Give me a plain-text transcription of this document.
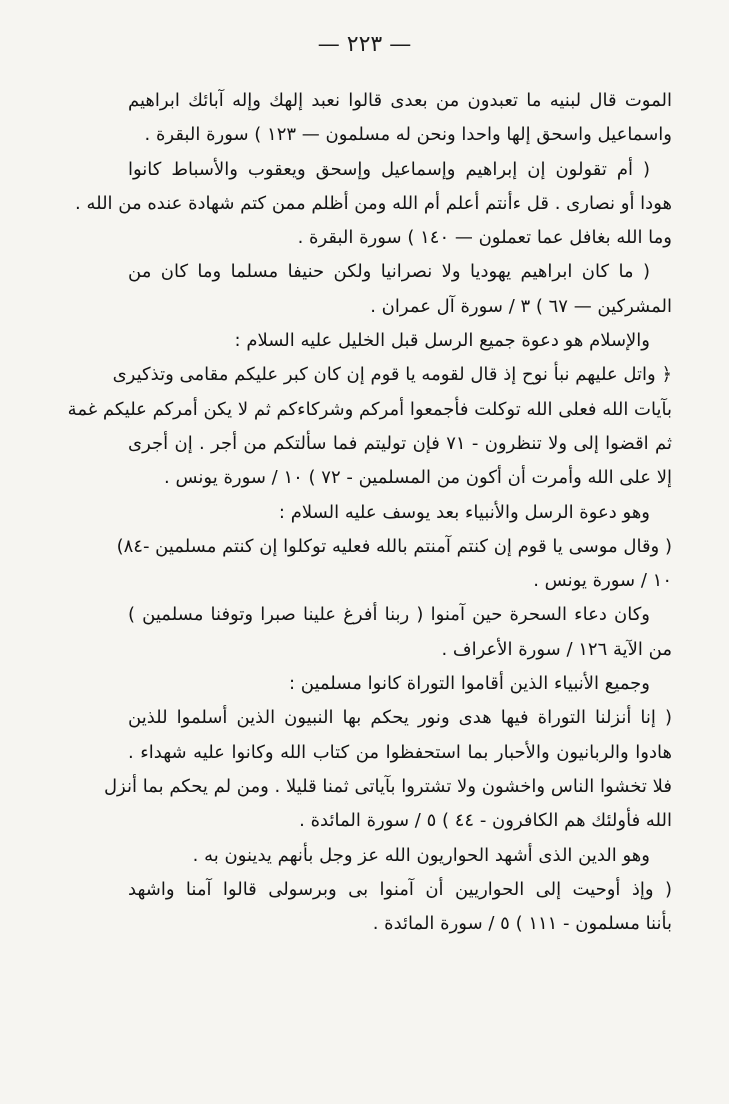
— ٢٢٣ —
الموت قال لبنيه ما تعبدون من بعدى قالوا نعبد إلهك وإله آبائك ابراهيم
واسماعيل واسحق إلها واحدا ونحن له مسلمون — ١٢٣ ) سورة البقرة .
( أم تقولون إن إبراهيم وإسماعيل وإسحق ويعقوب والأسباط كانوا
هودا أو نصارى . قل ءأنتم أعلم أم الله ومن أظلم ممن كتم شهادة عنده من الله .
وما الله بغافل عما تعملون — ١٤٠ ) سورة البقرة .
( ما كان ابراهيم يهوديا ولا نصرانيا ولكن حنيفا مسلما وما كان من
المشركين — ٦٧ ) ٣ / سورة آل عمران .
والإسلام هو دعوة جميع الرسل قبل الخليل عليه السلام :
﴿ واتل عليهم نبأ نوح إذ قال لقومه يا قوم إن كان كبر عليكم مقامى وتذكيرى
بآيات الله فعلى الله توكلت فأجمعوا أمركم وشركاءكم ثم لا يكن أمركم عليكم غمة
ثم اقضوا إلى ولا تنظرون - ٧١ فإن توليتم فما سألتكم من أجر . إن أجرى
إلا على الله وأمرت أن أكون من المسلمين - ٧٢ ) ١٠ / سورة يونس .
وهو دعوة الرسل والأنبياء بعد يوسف عليه السلام :
( وقال موسى يا قوم إن كنتم آمنتم بالله فعليه توكلوا إن كنتم مسلمين -٨٤)
١٠ / سورة يونس .
وكان دعاء السحرة حين آمنوا ( ربنا أفرغ علينا صبرا وتوفنا مسلمين )
من الآية ١٢٦ / سورة الأعراف .
وجميع الأنبياء الذين أقاموا التوراة كانوا مسلمين :
( إنا أنزلنا التوراة فيها هدى ونور يحكم بها النبيون الذين أسلموا للذين
هادوا والربانيون والأحبار بما استحفظوا من كتاب الله وكانوا عليه شهداء .
فلا تخشوا الناس واخشون ولا تشتروا بآياتى ثمنا قليلا . ومن لم يحكم بما أنزل
الله فأولئك هم الكافرون - ٤٤ ) ٥ / سورة المائدة .
وهو الدين الذى أشهد الحواريون الله عز وجل بأنهم يدينون به .
( وإذ أوحيت إلى الحواريين أن آمنوا بى وبرسولى قالوا آمنا واشهد
بأننا مسلمون - ١١١ ) ٥ / سورة المائدة .
